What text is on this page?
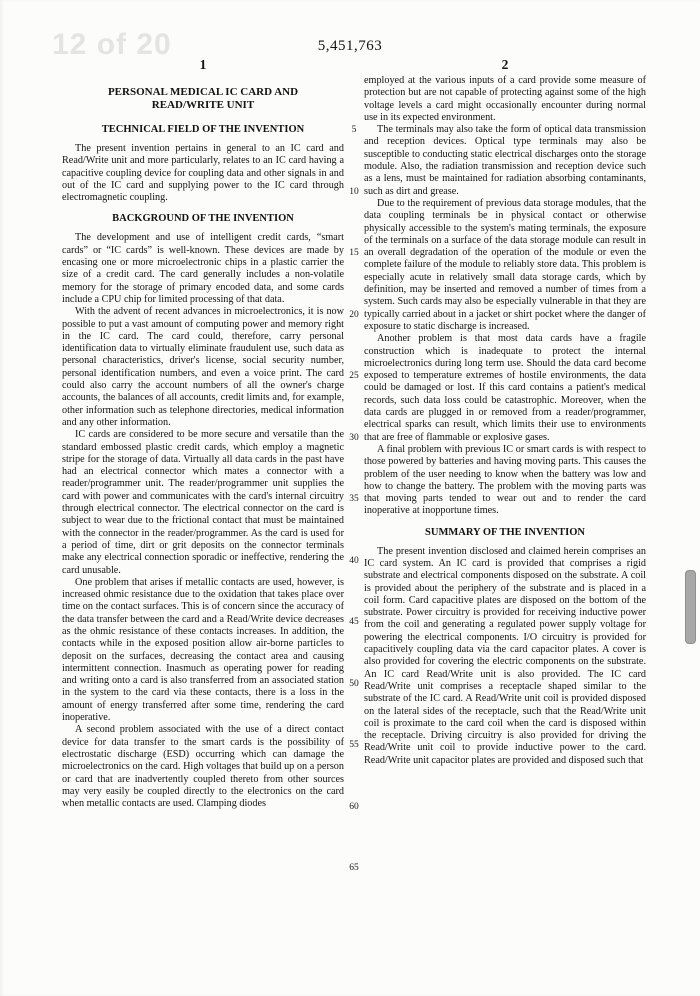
12 of 20	5,451,763
1	2
PERSONAL MEDICAL IC CARD AND
READ/WRITE UNIT
TECHNICAL FIELD OF THE INVENTION

The present invention pertains in general to an IC card and Read/Write unit and more particularly, relates to an IC card having a capacitive coupling device for coupling data and other signals in and out of the IC card and supplying power to the IC card through electromagnetic coupling.

BACKGROUND OF THE INVENTION

The development and use of intelligent credit cards, “smart cards” or “IC cards” is well-known. These devices are made by encasing one or more microelectronic chips in a plastic carrier the size of a credit card. The card generally includes a non-volatile memory for the storage of primary encoded data, and some cards include a CPU chip for limited processing of that data.

With the advent of recent advances in microelectronics, it is now possible to put a vast amount of computing power and memory right in the IC card. The card could, therefore, carry personal identification data to virtually eliminate fraudulent use, such data as personal characteristics, driver's license, social security number, personal identification numbers, and even a voice print. The card could also carry the account numbers of all the owner's charge accounts, the balances of all accounts, credit limits and, for example, other information such as telephone directories, medical information and any other information.

IC cards are considered to be more secure and versatile than the standard embossed plastic credit cards, which employ a magnetic stripe for the storage of data. Virtually all data cards in the past have had an electrical connector which mates a connector with a reader/programmer unit. The reader/programmer unit supplies the card with power and communicates with the card's internal circuitry through electrical connector. The electrical connector on the card is subject to wear due to the frictional contact that must be maintained with the connector in the reader/programmer. As the card is used for a period of time, dirt or grit deposits on the connector terminals make any electrical connection sporadic or ineffective, rendering the card unusable.

One problem that arises if metallic contacts are used, however, is increased ohmic resistance due to the oxidation that takes place over time on the contact surfaces. This is of concern since the accuracy of the data transfer between the card and a Read/Write device decreases as the ohmic resistance of these contacts increases. In addition, the contacts while in the exposed position allow air-borne particles to deposit on the surfaces, decreasing the contact area and causing intermittent connection. Inasmuch as operating power for reading and writing onto a card is also transferred from an associated station in the system to the card via these contacts, there is a loss in the amount of energy transferred after some time, rendering the card inoperative.

A second problem associated with the use of a direct contact device for data transfer to the smart cards is the possibility of electrostatic discharge (ESD) occurring which can damage the microelectronics on the card. High voltages that build up on a person or card that are inadvertently coupled thereto from other sources may very easily be coupled directly to the electronics on the card when metallic contacts are used. Clamping diodes

employed at the various inputs of a card provide some measure of protection but are not capable of protecting against some of the high voltage levels a card might occasionally encounter during normal use in its expected environment.

The terminals may also take the form of optical data transmission and reception devices. Optical type terminals may also be susceptible to conducting static electrical discharges onto the storage module. Also, the radiation transmission and reception device such as a lens, must be maintained for radiation absorbing contaminants, such as dirt and grease.

Due to the requirement of previous data storage modules, that the data coupling terminals be in physical contact or otherwise physically accessible to the system's mating terminals, the exposure of the terminals on a surface of the data storage module can result in an overall degradation of the operation of the module or even the complete failure of the module to reliably store data. This problem is especially acute in relatively small data storage cards, which by definition, may be inserted and removed a number of times from a system. Such cards may also be especially vulnerable in that they are typically carried about in a jacket or shirt pocket where the danger of exposure to static discharge is increased.

Another problem is that most data cards have a fragile construction which is inadequate to protect the internal microelectronics during long term use. Should the data card become exposed to temperature extremes of hostile environments, the data could be damaged or lost. If this card contains a patient's medical records, such data loss could be catastrophic. Moreover, when the data cards are plugged in or removed from a reader/programmer, electrical sparks can result, which limits their use to environments that are free of flammable or explosive gases.

A final problem with previous IC or smart cards is with respect to those powered by batteries and having moving parts. This causes the problem of the user needing to know when the battery was low and how to change the battery. The problem with the moving parts was that moving parts tended to wear out and to render the card inoperative at inopportune times.

SUMMARY OF THE INVENTION

The present invention disclosed and claimed herein comprises an IC card system. An IC card is provided that comprises a rigid substrate and electrical components disposed on the substrate. A coil is provided about the periphery of the substrate and is placed in a coil form. Card capacitive plates are disposed on the bottom of the substrate. Power circuitry is provided for receiving inductive power from the coil and generating a regulated power supply voltage for powering the electrical components. I/O circuitry is provided for capacitively coupling data via the card capacitor plates. A cover is also provided for covering the electric components on the substrate. An IC card Read/Write unit is also provided. The IC card Read/Write unit comprises a receptacle shaped similar to the substrate of the IC card. A Read/Write unit coil is provided disposed on the lateral sides of the receptacle, such that the Read/Write unit coil is proximate to the card coil when the card is disposed within the receptacle. Driving circuitry is also provided for driving the Read/Write unit coil to provide inductive power to the card. Read/Write unit capacitor plates are provided and disposed such that

5
10
15
20
25
30
35
40
45
50
55
60
65
